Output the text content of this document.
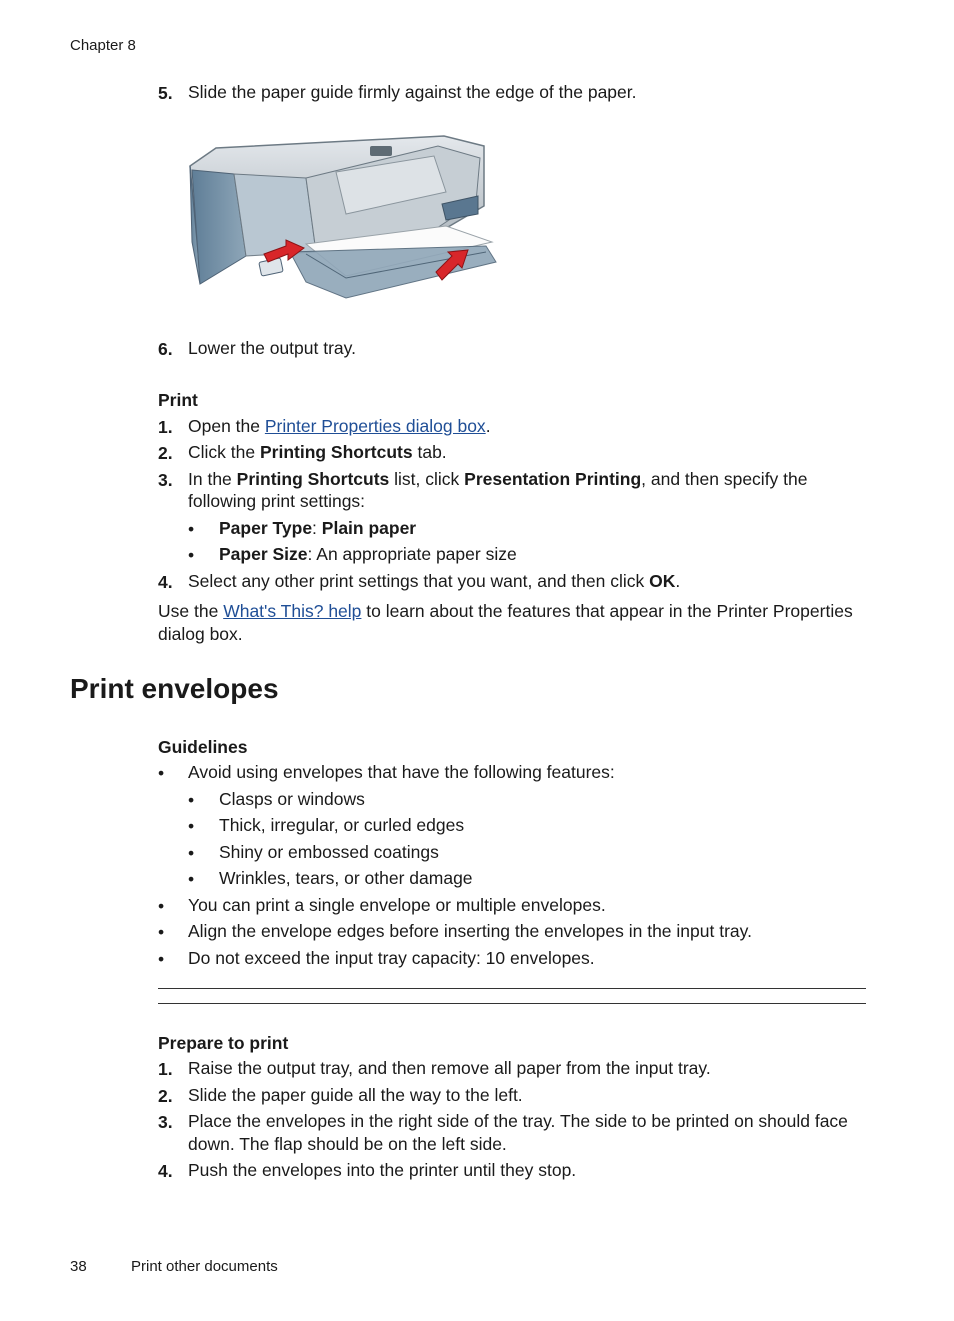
Chapter 8
5. Slide the paper guide firmly against the edge of the paper.
6. Lower the output tray.
Print
1. Open the Printer Properties dialog box.
2. Click the Printing Shortcuts tab.
3. In the Printing Shortcuts list, click Presentation Printing, and then specify the
following print settings:
• Paper Type: Plain paper
• Paper Size: An appropriate paper size
4. Select any other print settings that you want, and then click OK.
Use the What's This? help to learn about the features that appear in the Printer Properties
dialog box.
Print envelopes
Guidelines
• Avoid using envelopes that have the following features:
• Clasps or windows
• Thick, irregular, or curled edges
• Shiny or embossed coatings
• Wrinkles, tears, or other damage
• You can print a single envelope or multiple envelopes.
• Align the envelope edges before inserting the envelopes in the input tray.
• Do not exceed the input tray capacity: 10 envelopes.
Prepare to print
1. Raise the output tray, and then remove all paper from the input tray.
2. Slide the paper guide all the way to the left.
3. Place the envelopes in the right side of the tray. The side to be printed on should face
down. The flap should be on the left side.
4. Push the envelopes into the printer until they stop.
38	Print other documents
